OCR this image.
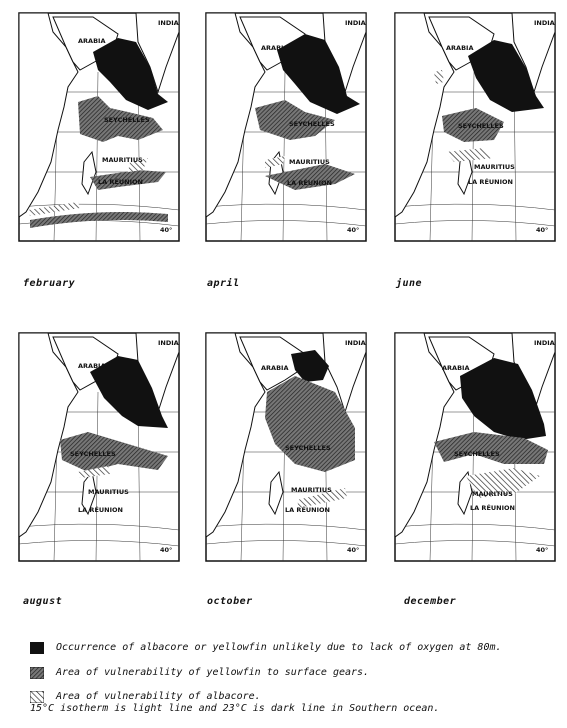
ARABIA
INDIA
SEYCHELLES
MAURITIUS
LA RÉUNION
40°
february
ARABIA
INDIA
SEYCHELLES
MAURITIUS
LA RÉUNION
40°
april
ARABIA
INDIA
SEYCHELLES
MAURITIUS
LA RÉUNION
40°
june
ARABIA
INDIA
SEYCHELLES
MAURITIUS
LA RÉUNION
40°
august
ARABIA
INDIA
SEYCHELLES
MAURITIUS
LA RÉUNION
40°
october
ARABIA
INDIA
SEYCHELLES
MAURITIUS
LA RÉUNION
40°
december
Occurrence of albacore or yellowfin unlikely due to lack of oxygen at 80m.
Area of vulnerability of yellowfin to surface gears.
Area of vulnerability of albacore.
15°C isotherm is light line and 23°C is dark line in Southern ocean.
